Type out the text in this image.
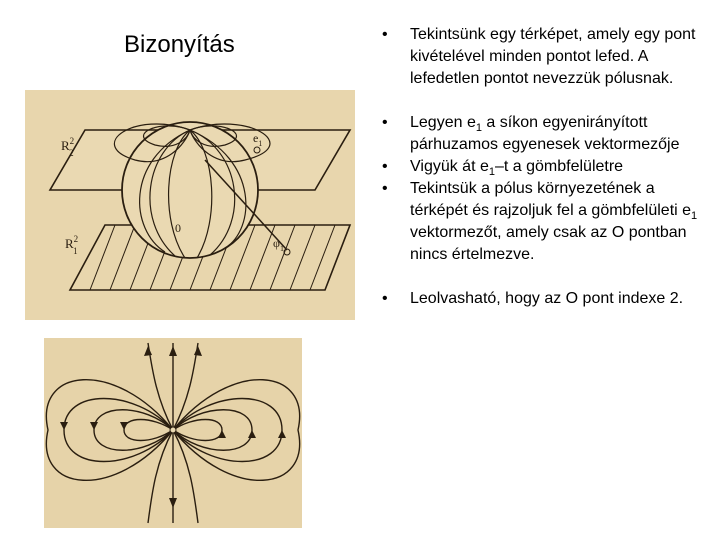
Bizonyítás
$R^2$ 2
$R^2$ 1
$e_1$
$\varphi_1$
0
• Tekintsünk egy térképet, amely egy pont kivételével minden pontot lefed. A lefedetlen pontot nevezzük pólusnak.
• Legyen $e_1$ a síkon egyenirányított párhuzamos egyenesek vektormezője
• Vigyük át $e_1-t$ a gömbfelületre
• Tekintsük a pólus környezetének a térképét és rajzoljuk fel a gömbfelületi $e_1$ vektormezőt, amely csak az O pontban nincs értelmezve.
• Leolvasható, hogy az O pont indexe 2.
